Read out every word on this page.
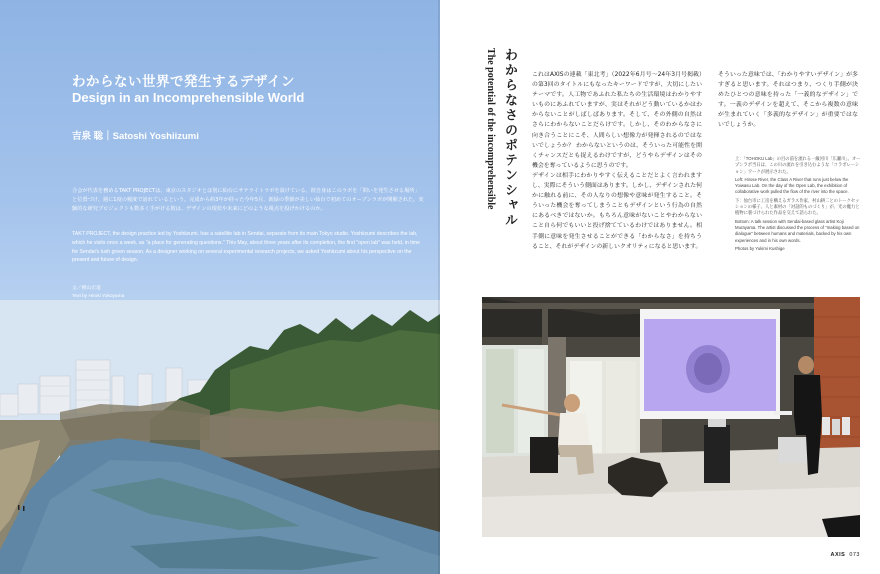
わからない世界で発生するデザイン
Design in an Incomprehensible World
吉泉 聡｜Satoshi Yoshiizumi

合会が代表を務めるTAKT PROJECTは、東京のスタジオとは別に仙台にサテライトラボを設けている。彼自身はこのラボを「問いを発生させる場所」と位置づけ、週に1度の頻度で訪れているという。完成から約3年が経った今年5月、新緑の季節が美しい仙台で初めてのオープンラボが開催された。実験的な研究プロジェクトも数多く手がける彼は、デザインの現状や未来にどのような視点を投げかけるのか。

TAKT PROJECT, the design practice led by Yoshiizumi, has a satellite lab in Sendai, separate from its main Tokyo studio. Yoshiizumi describes the lab, which he visits once a week, as "a place for generating questions." This May, about three years after its completion, the first "open lab" was held, in time for Sendai's lush green season. As a designer working on several experimental research projects, we asked Yoshiizumi about his perspective on the present and future of design.

文／横山宏道
Text by Hiroki Yokoyama
わからなさのポテンシャル
The potential of the incomprehensible	これはAXISの連載「東北考」（2022年6月号〜24年3月号掲載）の第3回のタイトルにもなったキーワードですが、大切にしたいテーマです。人工物であふれた私たちの生活環境はわかりやすいものにあふれていますが、実はそれがどう動いているかはわからないことがしばしばあります。そして、その外側の自然はさらにわからないことだらけです。しかし、そのわからなさに向き合うことにこそ、人間らしい想像力が発揮されるのではないでしょうか？ わからないというのは、そういった可能性を開くチャンスだとも捉えるわけですが、どうやらデザインはその機会を奪っているように思うのです。
デザインは相手にわかりやすく伝えることだとよく言われますし、実際にそういう側面はあります。しかし、デザインされた何かに触れる前に、その人なりの想像や意味が発生すること。そういった機会を奪ってしまうこともデザインという行為の自然にあるべきではないか。もちろん意味がないことやわからないこと自ら何でもいいと投げ捨てているわけではありません。相手側に意味を発生させることができる「わからなさ」を持ちうること、それがデザインの新しいクオリティになると思います。

そういった意味では、「わかりやすいデザイン」が多すぎると思います。それはつまり、つくり手側が決めたひとつの意味を持った「一義的なデザイン」です。一義のデザインを超えて、そこから複数の意味が生まれていく「多義的なデザイン」が重要ではないでしょうか。

上：「TOHOKU Lab」の目の前を流れる一級河川「広瀬川」。オープンラボ当日は、この川の流れを引き込むような「コラボレーション」ワークが展示された。

Left: Hirose River, the Class A River that runs just below the Yoiwasu Lab. On the day of the Open Lab, the exhibition of collaborative work pulled the flow of the river into the space.

下：仙台市に工房を構えるガラス作家、村山耕二とのトークセッションの様子。人と素材の「対話的ものづくり」が、光の魔力と植物に裏づけられた作品を交えて語られた。

Bottom: A talk session with Sendai-based glass artist Koji Murayama. The artist discussed the process of "making based on dialogue" between humans and materials, backed by his own experiences and in his own words.

Photos by Yukimi Kushige

AXIS 073
